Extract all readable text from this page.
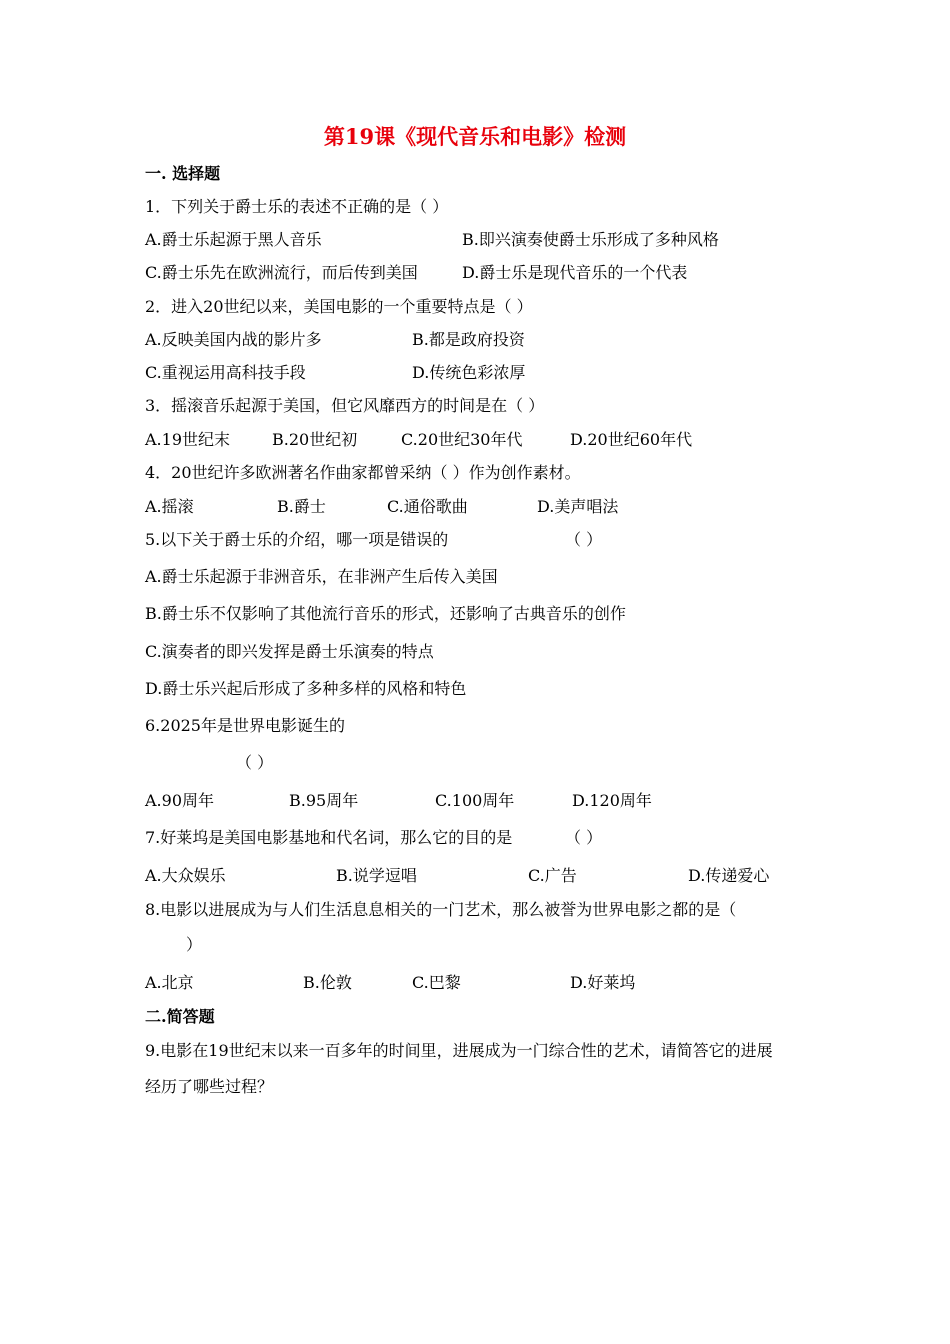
第19课《现代音乐和电影》检测
一. 选择题
1．下列关于爵士乐的表述不正确的是（ ）
A.爵士乐起源于黑人音乐	B.即兴演奏使爵士乐形成了多种风格
C.爵士乐先在欧洲流行，而后传到美国	D.爵士乐是现代音乐的一个代表
2．进入20世纪以来，美国电影的一个重要特点是（ ）
A.反映美国内战的影片多	B.都是政府投资
C.重视运用高科技手段	D.传统色彩浓厚
3．摇滚音乐起源于美国，但它风靡西方的时间是在（ ）
A.19世纪末	B.20世纪初	C.20世纪30年代	D.20世纪60年代
4．20世纪许多欧洲著名作曲家都曾采纳（ ）作为创作素材。
A.摇滚	B.爵士	C.通俗歌曲	D.美声唱法
5.以下关于爵士乐的介绍，哪一项是错误的	（ ）
A.爵士乐起源于非洲音乐，在非洲产生后传入美国
B.爵士乐不仅影响了其他流行音乐的形式，还影响了古典音乐的创作
C.演奏者的即兴发挥是爵士乐演奏的特点
D.爵士乐兴起后形成了多种多样的风格和特色
6.2025年是世界电影诞生的
（ ）
A.90周年	B.95周年	C.100周年	D.120周年
7.好莱坞是美国电影基地和代名词，那么它的目的是	（ ）
A.大众娱乐	B.说学逗唱	C.广告	D.传递爱心
8.电影以进展成为与人们生活息息相关的一门艺术，那么被誉为世界电影之都的是（
）
A.北京	B.伦敦	C.巴黎	D.好莱坞
二.简答题
9.电影在19世纪末以来一百多年的时间里，进展成为一门综合性的艺术，请简答它的进展
经历了哪些过程？
